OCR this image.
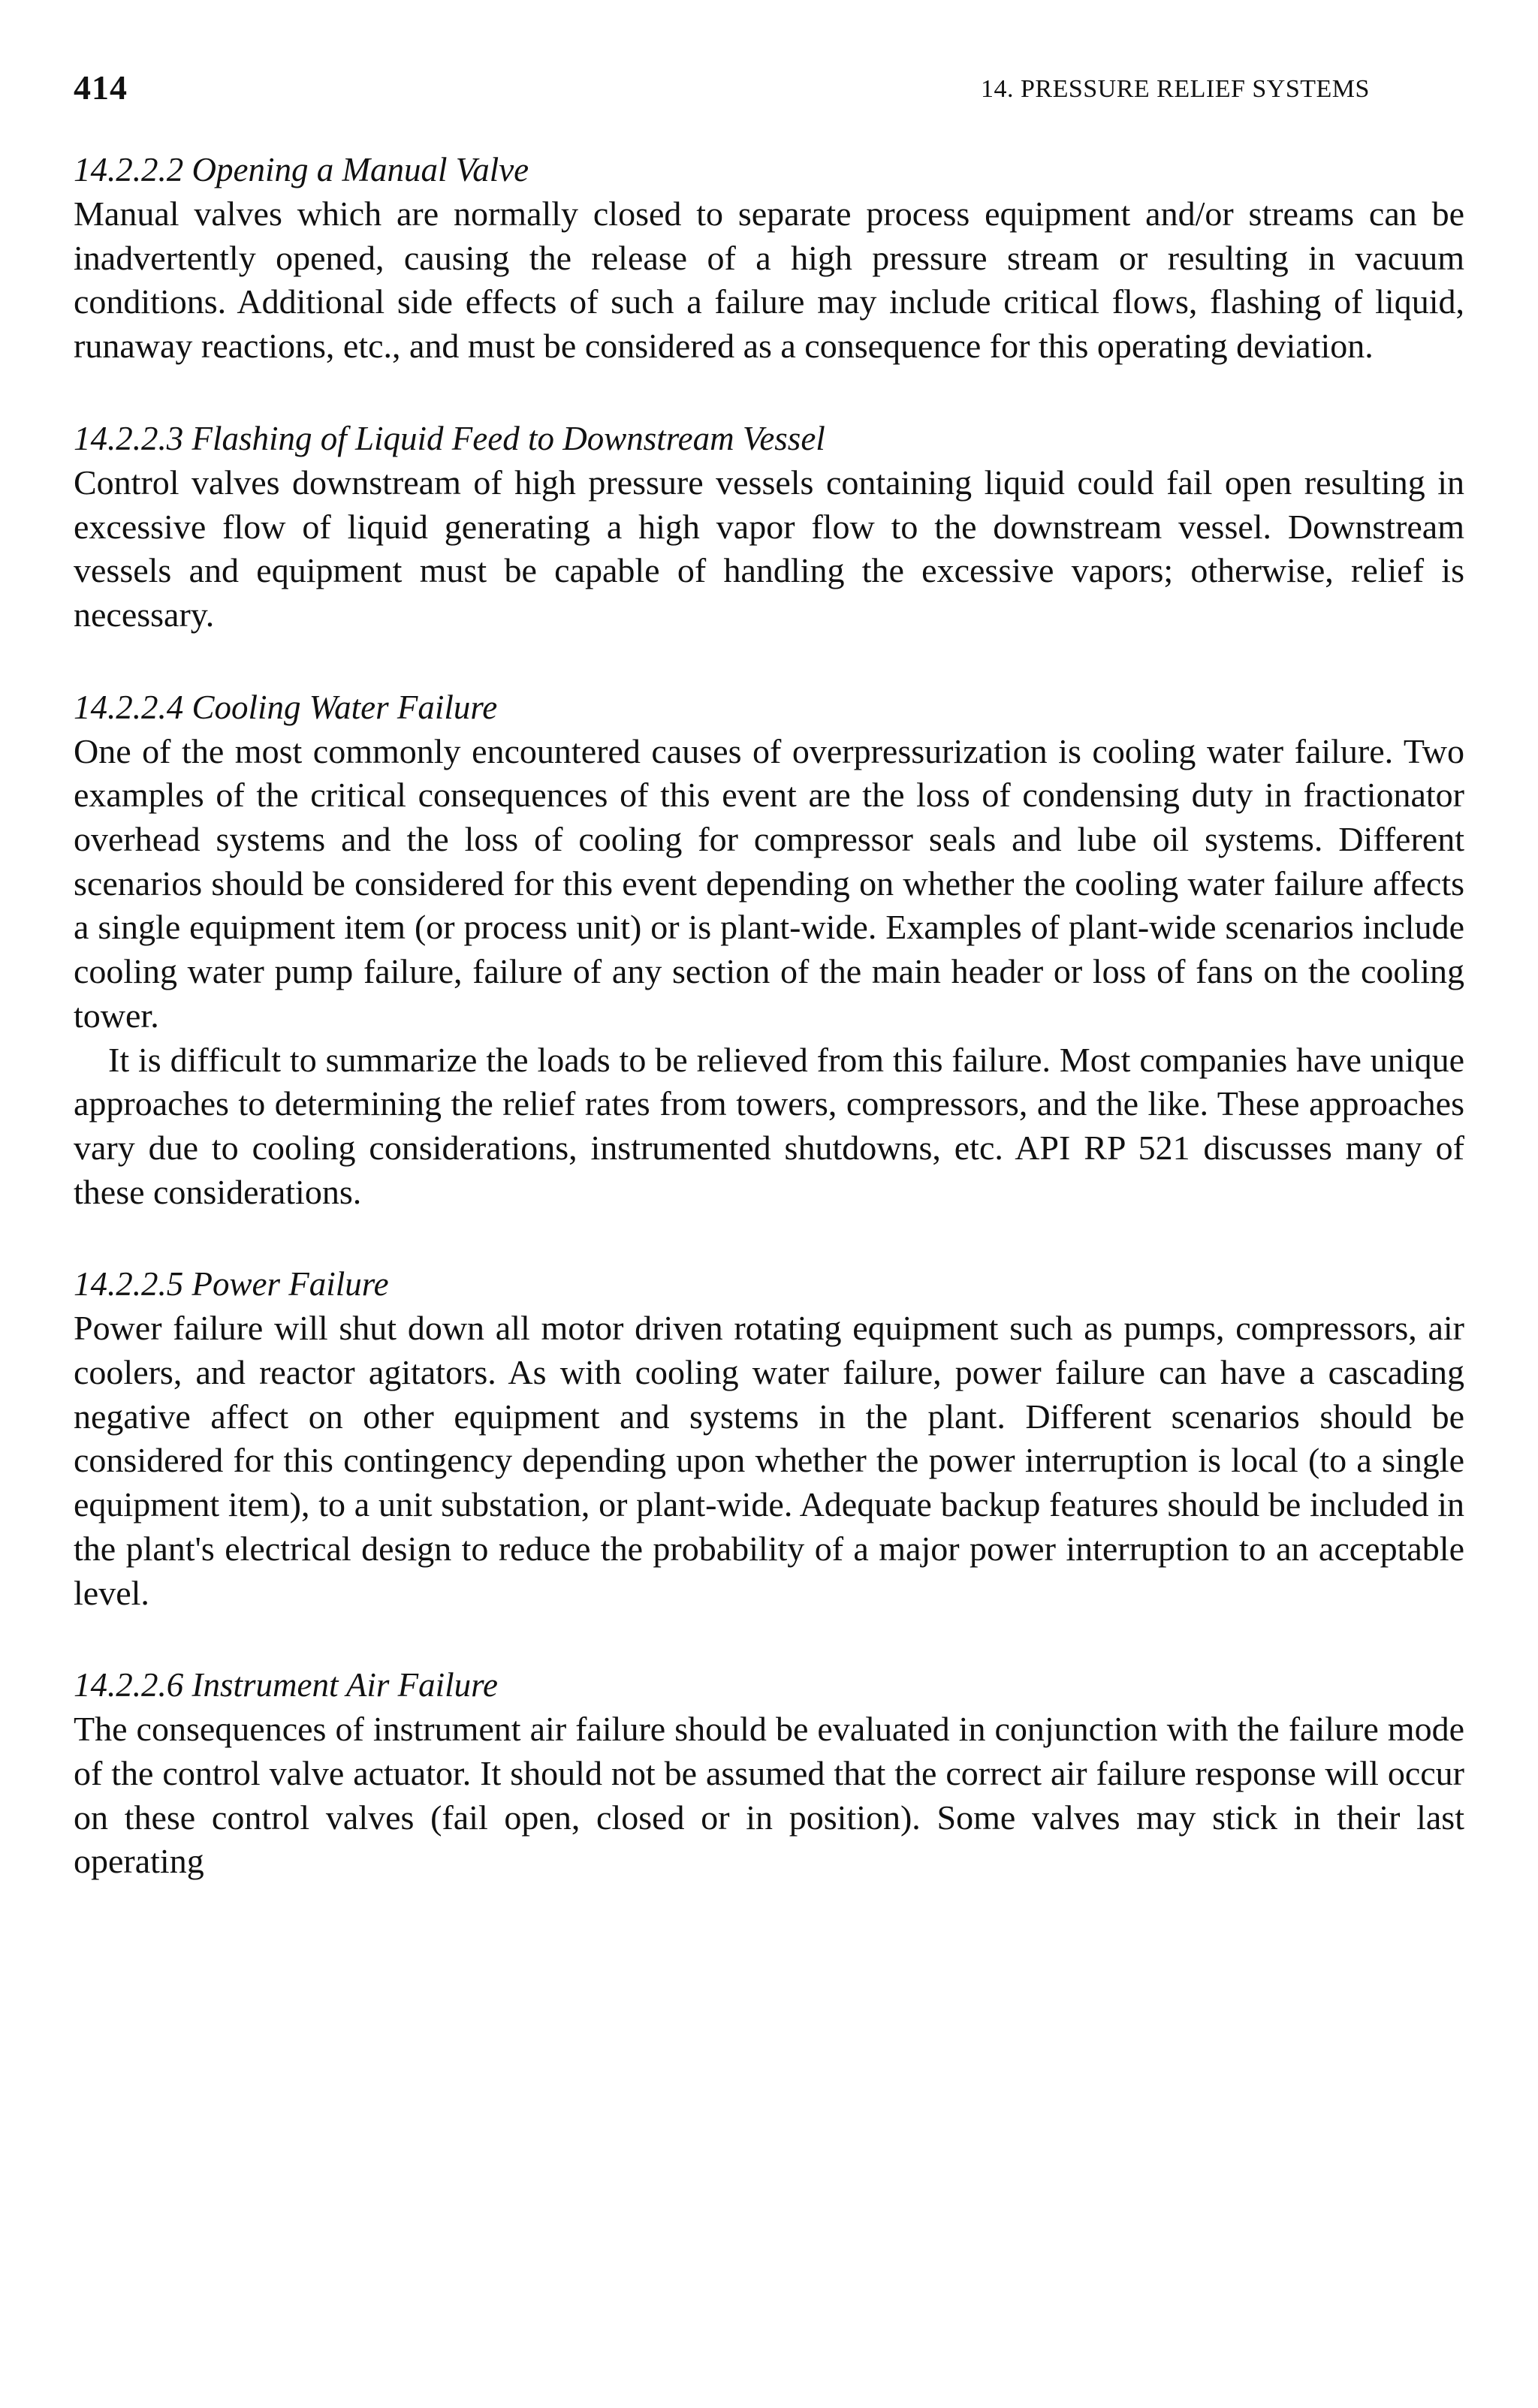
414	14. PRESSURE RELIEF SYSTEMS

14.2.2.2 Opening a Manual Valve

Manual valves which are normally closed to separate process equipment and/or streams can be inadvertently opened, causing the release of a high pressure stream or resulting in vacuum conditions. Additional side effects of such a failure may include critical flows, flashing of liquid, runaway reactions, etc., and must be considered as a consequence for this operating deviation.

14.2.2.3 Flashing of Liquid Feed to Downstream Vessel

Control valves downstream of high pressure vessels containing liquid could fail open resulting in excessive flow of liquid generating a high vapor flow to the downstream vessel. Downstream vessels and equipment must be capable of handling the excessive vapors; otherwise, relief is necessary.

14.2.2.4 Cooling Water Failure

One of the most commonly encountered causes of overpressurization is cooling water failure. Two examples of the critical consequences of this event are the loss of condensing duty in fractionator overhead systems and the loss of cooling for compressor seals and lube oil systems. Different scenarios should be considered for this event depending on whether the cooling water failure affects a single equipment item (or process unit) or is plant-wide. Examples of plant-wide scenarios include cooling water pump failure, failure of any section of the main header or loss of fans on the cooling tower.

It is difficult to summarize the loads to be relieved from this failure. Most companies have unique approaches to determining the relief rates from towers, compressors, and the like. These approaches vary due to cooling considerations, instrumented shutdowns, etc. API RP 521 discusses many of these considerations.

14.2.2.5 Power Failure

Power failure will shut down all motor driven rotating equipment such as pumps, compressors, air coolers, and reactor agitators. As with cooling water failure, power failure can have a cascading negative affect on other equipment and systems in the plant. Different scenarios should be considered for this contingency depending upon whether the power interruption is local (to a single equipment item), to a unit substation, or plant-wide. Adequate backup features should be included in the plant's electrical design to reduce the probability of a major power interruption to an acceptable level.

14.2.2.6 Instrument Air Failure

The consequences of instrument air failure should be evaluated in conjunction with the failure mode of the control valve actuator. It should not be assumed that the correct air failure response will occur on these control valves (fail open, closed or in position). Some valves may stick in their last operating
